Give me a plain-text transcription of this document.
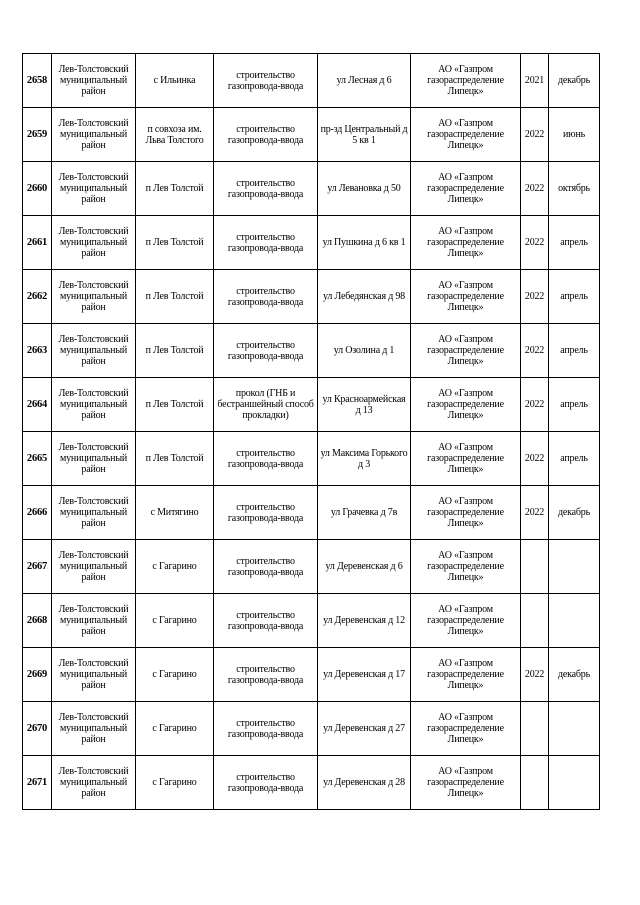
2658	Лев-Толстовский муниципальный район	с Ильинка	строительство газопровода-ввода	ул Лесная д 6	АО «Газпром газораспределение Липецк»	2021	декабрь
2659	Лев-Толстовский муниципальный район	п совхоза им. Льва Толстого	строительство газопровода-ввода	пр-зд Центральный д 5 кв 1	АО «Газпром газораспределение Липецк»	2022	июнь
2660	Лев-Толстовский муниципальный район	п Лев Толстой	строительство газопровода-ввода	ул Левановка д 50	АО «Газпром газораспределение Липецк»	2022	октябрь
2661	Лев-Толстовский муниципальный район	п Лев Толстой	строительство газопровода-ввода	ул Пушкина д 6 кв 1	АО «Газпром газораспределение Липецк»	2022	апрель
2662	Лев-Толстовский муниципальный район	п Лев Толстой	строительство газопровода-ввода	ул Лебедянская д 98	АО «Газпром газораспределение Липецк»	2022	апрель
2663	Лев-Толстовский муниципальный район	п Лев Толстой	строительство газопровода-ввода	ул Озолина д 1	АО «Газпром газораспределение Липецк»	2022	апрель
2664	Лев-Толстовский муниципальный район	п Лев Толстой	прокол (ГНБ и бестраншейный способ прокладки)	ул Красноармейская д 13	АО «Газпром газораспределение Липецк»	2022	апрель
2665	Лев-Толстовский муниципальный район	п Лев Толстой	строительство газопровода-ввода	ул Максима Горького д 3	АО «Газпром газораспределение Липецк»	2022	апрель
2666	Лев-Толстовский муниципальный район	с Митягино	строительство газопровода-ввода	ул Грачевка д 7в	АО «Газпром газораспределение Липецк»	2022	декабрь
2667	Лев-Толстовский муниципальный район	с Гагарино	строительство газопровода-ввода	ул Деревенская д 6	АО «Газпром газораспределение Липецк»		
2668	Лев-Толстовский муниципальный район	с Гагарино	строительство газопровода-ввода	ул Деревенская д 12	АО «Газпром газораспределение Липецк»		
2669	Лев-Толстовский муниципальный район	с Гагарино	строительство газопровода-ввода	ул Деревенская д 17	АО «Газпром газораспределение Липецк»	2022	декабрь
2670	Лев-Толстовский муниципальный район	с Гагарино	строительство газопровода-ввода	ул Деревенская д 27	АО «Газпром газораспределение Липецк»		
2671	Лев-Толстовский муниципальный район	с Гагарино	строительство газопровода-ввода	ул Деревенская д 28	АО «Газпром газораспределение Липецк»		
